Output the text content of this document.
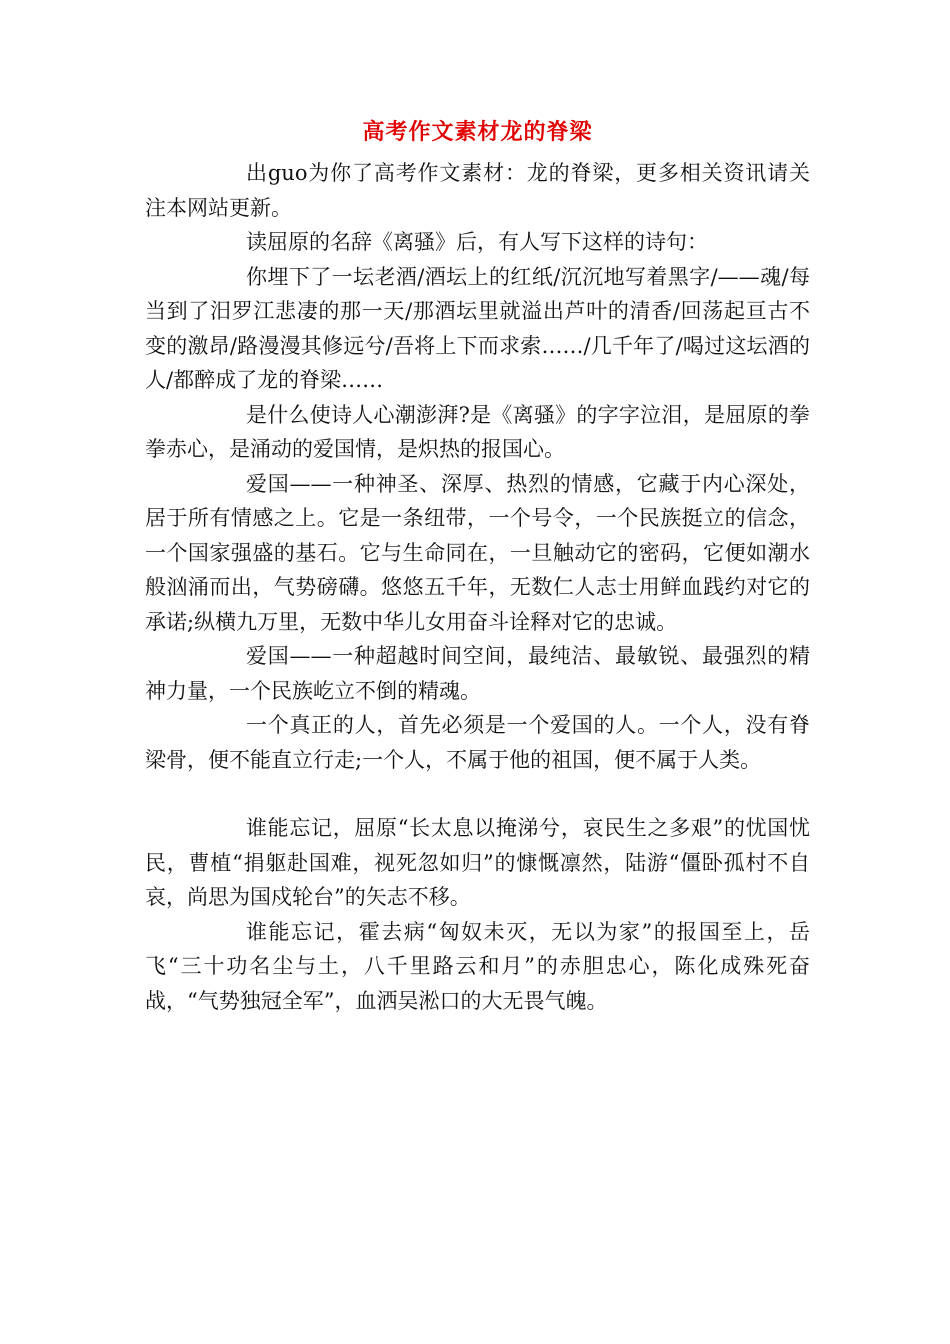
高考作文素材龙的脊梁

出guo为你了高考作文素材：龙的脊梁，更多相关资讯请关注本网站更新。

读屈原的名辞《离骚》后，有人写下这样的诗句：

你埋下了一坛老酒/酒坛上的红纸/沉沉地写着黑字/——魂/每当到了汨罗江悲凄的那一天/那酒坛里就溢出芦叶的清香/回荡起亘古不变的激昂/路漫漫其修远兮/吾将上下而求索……/几千年了/喝过这坛酒的人/都醉成了龙的脊梁……

是什么使诗人心潮澎湃?是《离骚》的字字泣泪，是屈原的拳拳赤心，是涌动的爱国情，是炽热的报国心。

爱国——一种神圣、深厚、热烈的情感，它藏于内心深处，居于所有情感之上。它是一条纽带，一个号令，一个民族挺立的信念，一个国家强盛的基石。它与生命同在，一旦触动它的密码，它便如潮水般汹涌而出，气势磅礴。悠悠五千年，无数仁人志士用鲜血践约对它的承诺;纵横九万里，无数中华儿女用奋斗诠释对它的忠诚。

爱国——一种超越时间空间，最纯洁、最敏锐、最强烈的精神力量，一个民族屹立不倒的精魂。

一个真正的人，首先必须是一个爱国的人。一个人，没有脊梁骨，便不能直立行走;一个人，不属于他的祖国，便不属于人类。

谁能忘记，屈原“长太息以掩涕兮，哀民生之多艰”的忧国忧民，曹植“捐躯赴国难，视死忽如归”的慷慨凛然，陆游“僵卧孤村不自哀，尚思为国戍轮台”的矢志不移。

谁能忘记，霍去病“匈奴未灭，无以为家”的报国至上，岳飞“三十功名尘与土，八千里路云和月”的赤胆忠心，陈化成殊死奋战，“气势独冠全军”，血洒吴淞口的大无畏气魄。
